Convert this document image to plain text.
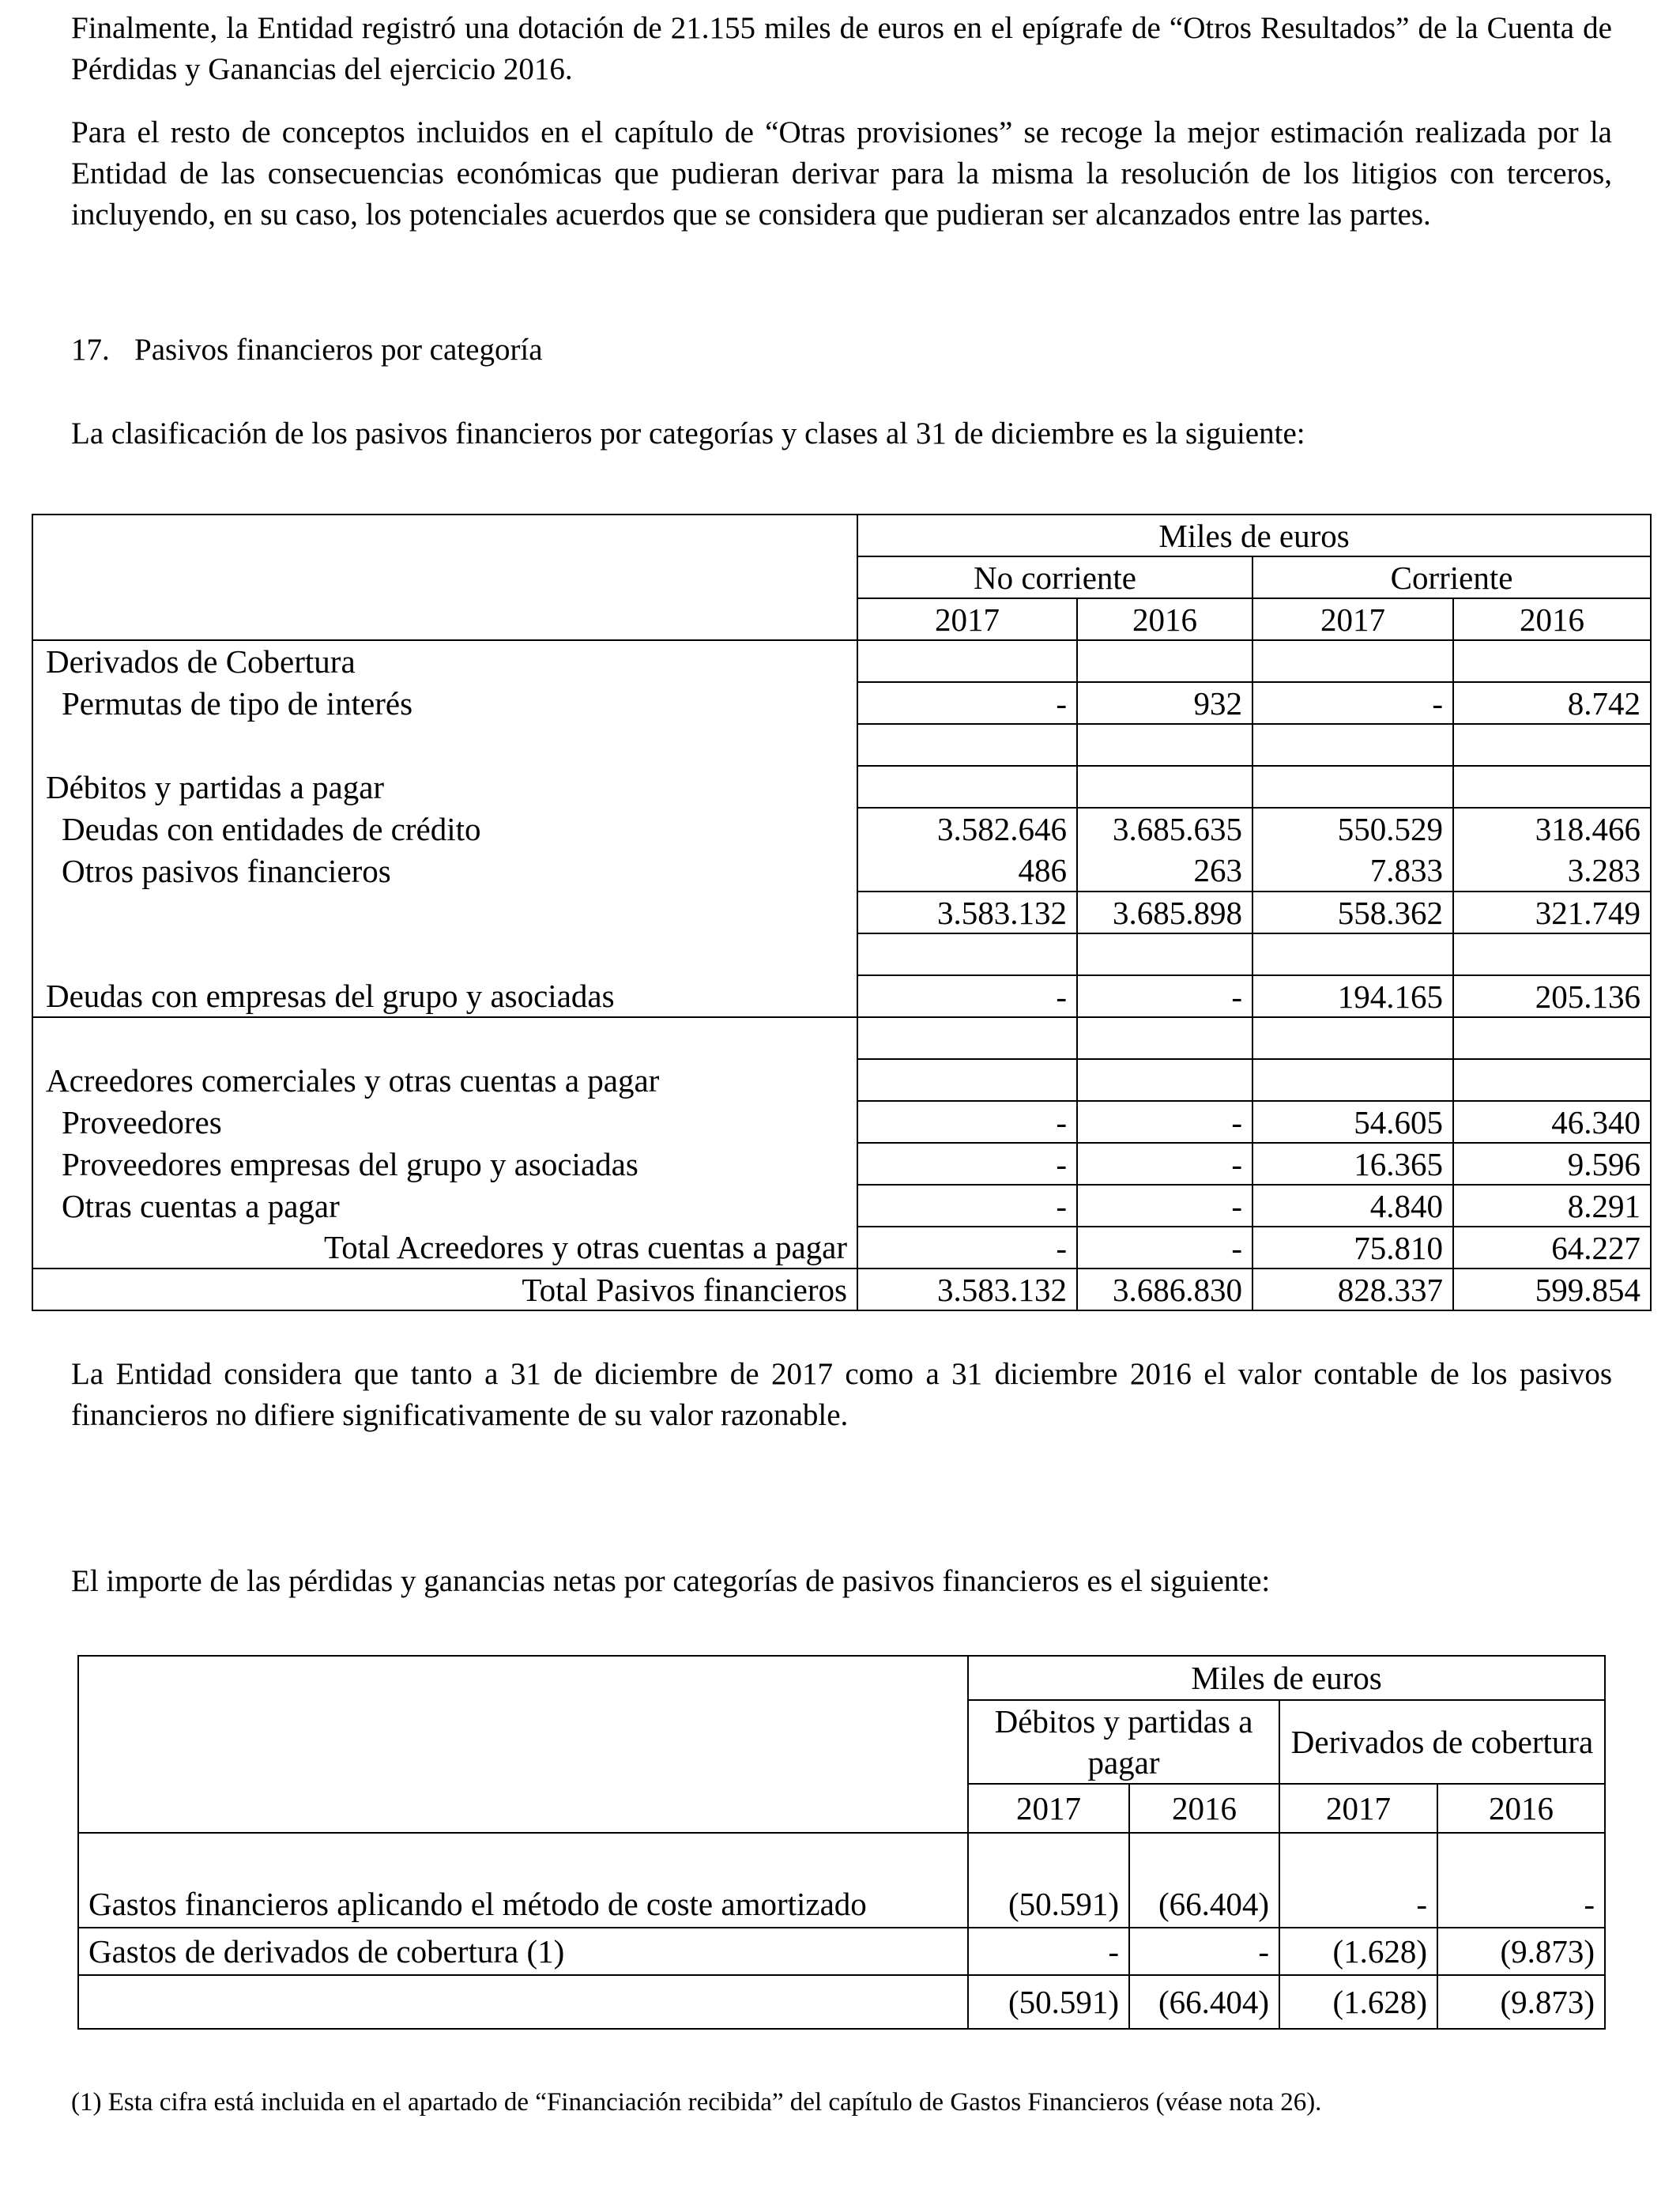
Finalmente, la Entidad registró una dotación de 21.155 miles de euros en el epígrafe de “Otros Resultados” de la Cuenta de Pérdidas y Ganancias del ejercicio 2016.
Para el resto de conceptos incluidos en el capítulo de “Otras provisiones” se recoge la mejor estimación realizada por la Entidad de las consecuencias económicas que pudieran derivar para la misma la resolución de los litigios con terceros, incluyendo, en su caso, los potenciales acuerdos que se considera que pudieran ser alcanzados entre las partes.
17. Pasivos financieros por categoría
La clasificación de los pasivos financieros por categorías y clases al 31 de diciembre es la siguiente:
	Miles de euros			
	No corriente		Corriente	
	2017	2016	2017	2016
Derivados de Cobertura				
Permutas de tipo de interés	-	932	-	8.742

Débitos y partidas a pagar				
Deudas con entidades de crédito	3.582.646	3.685.635	550.529	318.466
Otros pasivos financieros	486	263	7.833	3.283
	3.583.132	3.685.898	558.362	321.749

Deudas con empresas del grupo y asociadas	-	-	194.165	205.136

Acreedores comerciales y otras cuentas a pagar				
Proveedores	-	-	54.605	46.340
Proveedores empresas del grupo y asociadas	-	-	16.365	9.596
Otras cuentas a pagar	-	-	4.840	8.291
Total Acreedores y otras cuentas a pagar	-	-	75.810	64.227
Total Pasivos financieros	3.583.132	3.686.830	828.337	599.854
La Entidad considera que tanto a 31 de diciembre de 2017 como a 31 diciembre 2016 el valor contable de los pasivos financieros no difiere significativamente de su valor razonable.
El importe de las pérdidas y ganancias netas por categorías de pasivos financieros es el siguiente:
	Miles de euros			
	Débitos y partidas a pagar		Derivados de cobertura	
	2017	2016	2017	2016
Gastos financieros aplicando el método de coste amortizado	(50.591)	(66.404)	-	-
Gastos de derivados de cobertura (1)	-	-	(1.628)	(9.873)
	(50.591)	(66.404)	(1.628)	(9.873)
(1) Esta cifra está incluida en el apartado de “Financiación recibida” del capítulo de Gastos Financieros (véase nota 26).
